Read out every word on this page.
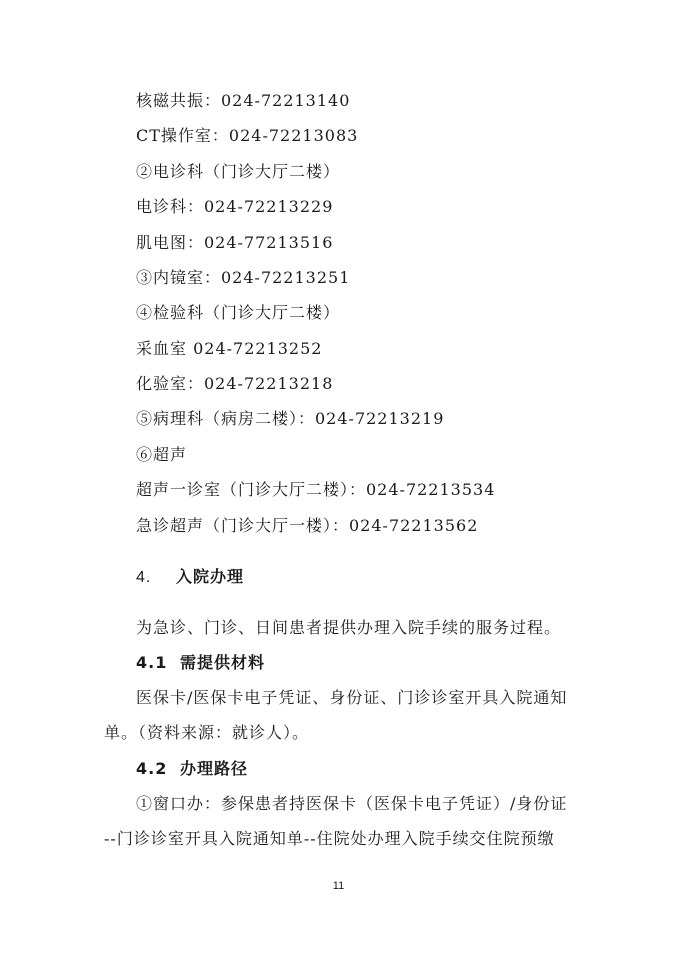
核磁共振：024-72213140
CT操作室：024-72213083
②电诊科（门诊大厅二楼）
电诊科：024-72213229
肌电图：024-77213516
③内镜室：024-72213251
④检验科（门诊大厅二楼）
采血室 024-72213252
化验室：024-72213218
⑤病理科（病房二楼）：024-72213219
⑥超声
超声一诊室（门诊大厅二楼）：024-72213534
急诊超声（门诊大厅一楼）：024-72213562
4. 入院办理
为急诊、门诊、日间患者提供办理入院手续的服务过程。
4.1 需提供材料
医保卡/医保卡电子凭证、身份证、门诊诊室开具入院通知
单。（资料来源：就诊人）。
4.2 办理路径
①窗口办：参保患者持医保卡（医保卡电子凭证）/身份证
--门诊诊室开具入院通知单--住院处办理入院手续交住院预缴
11
